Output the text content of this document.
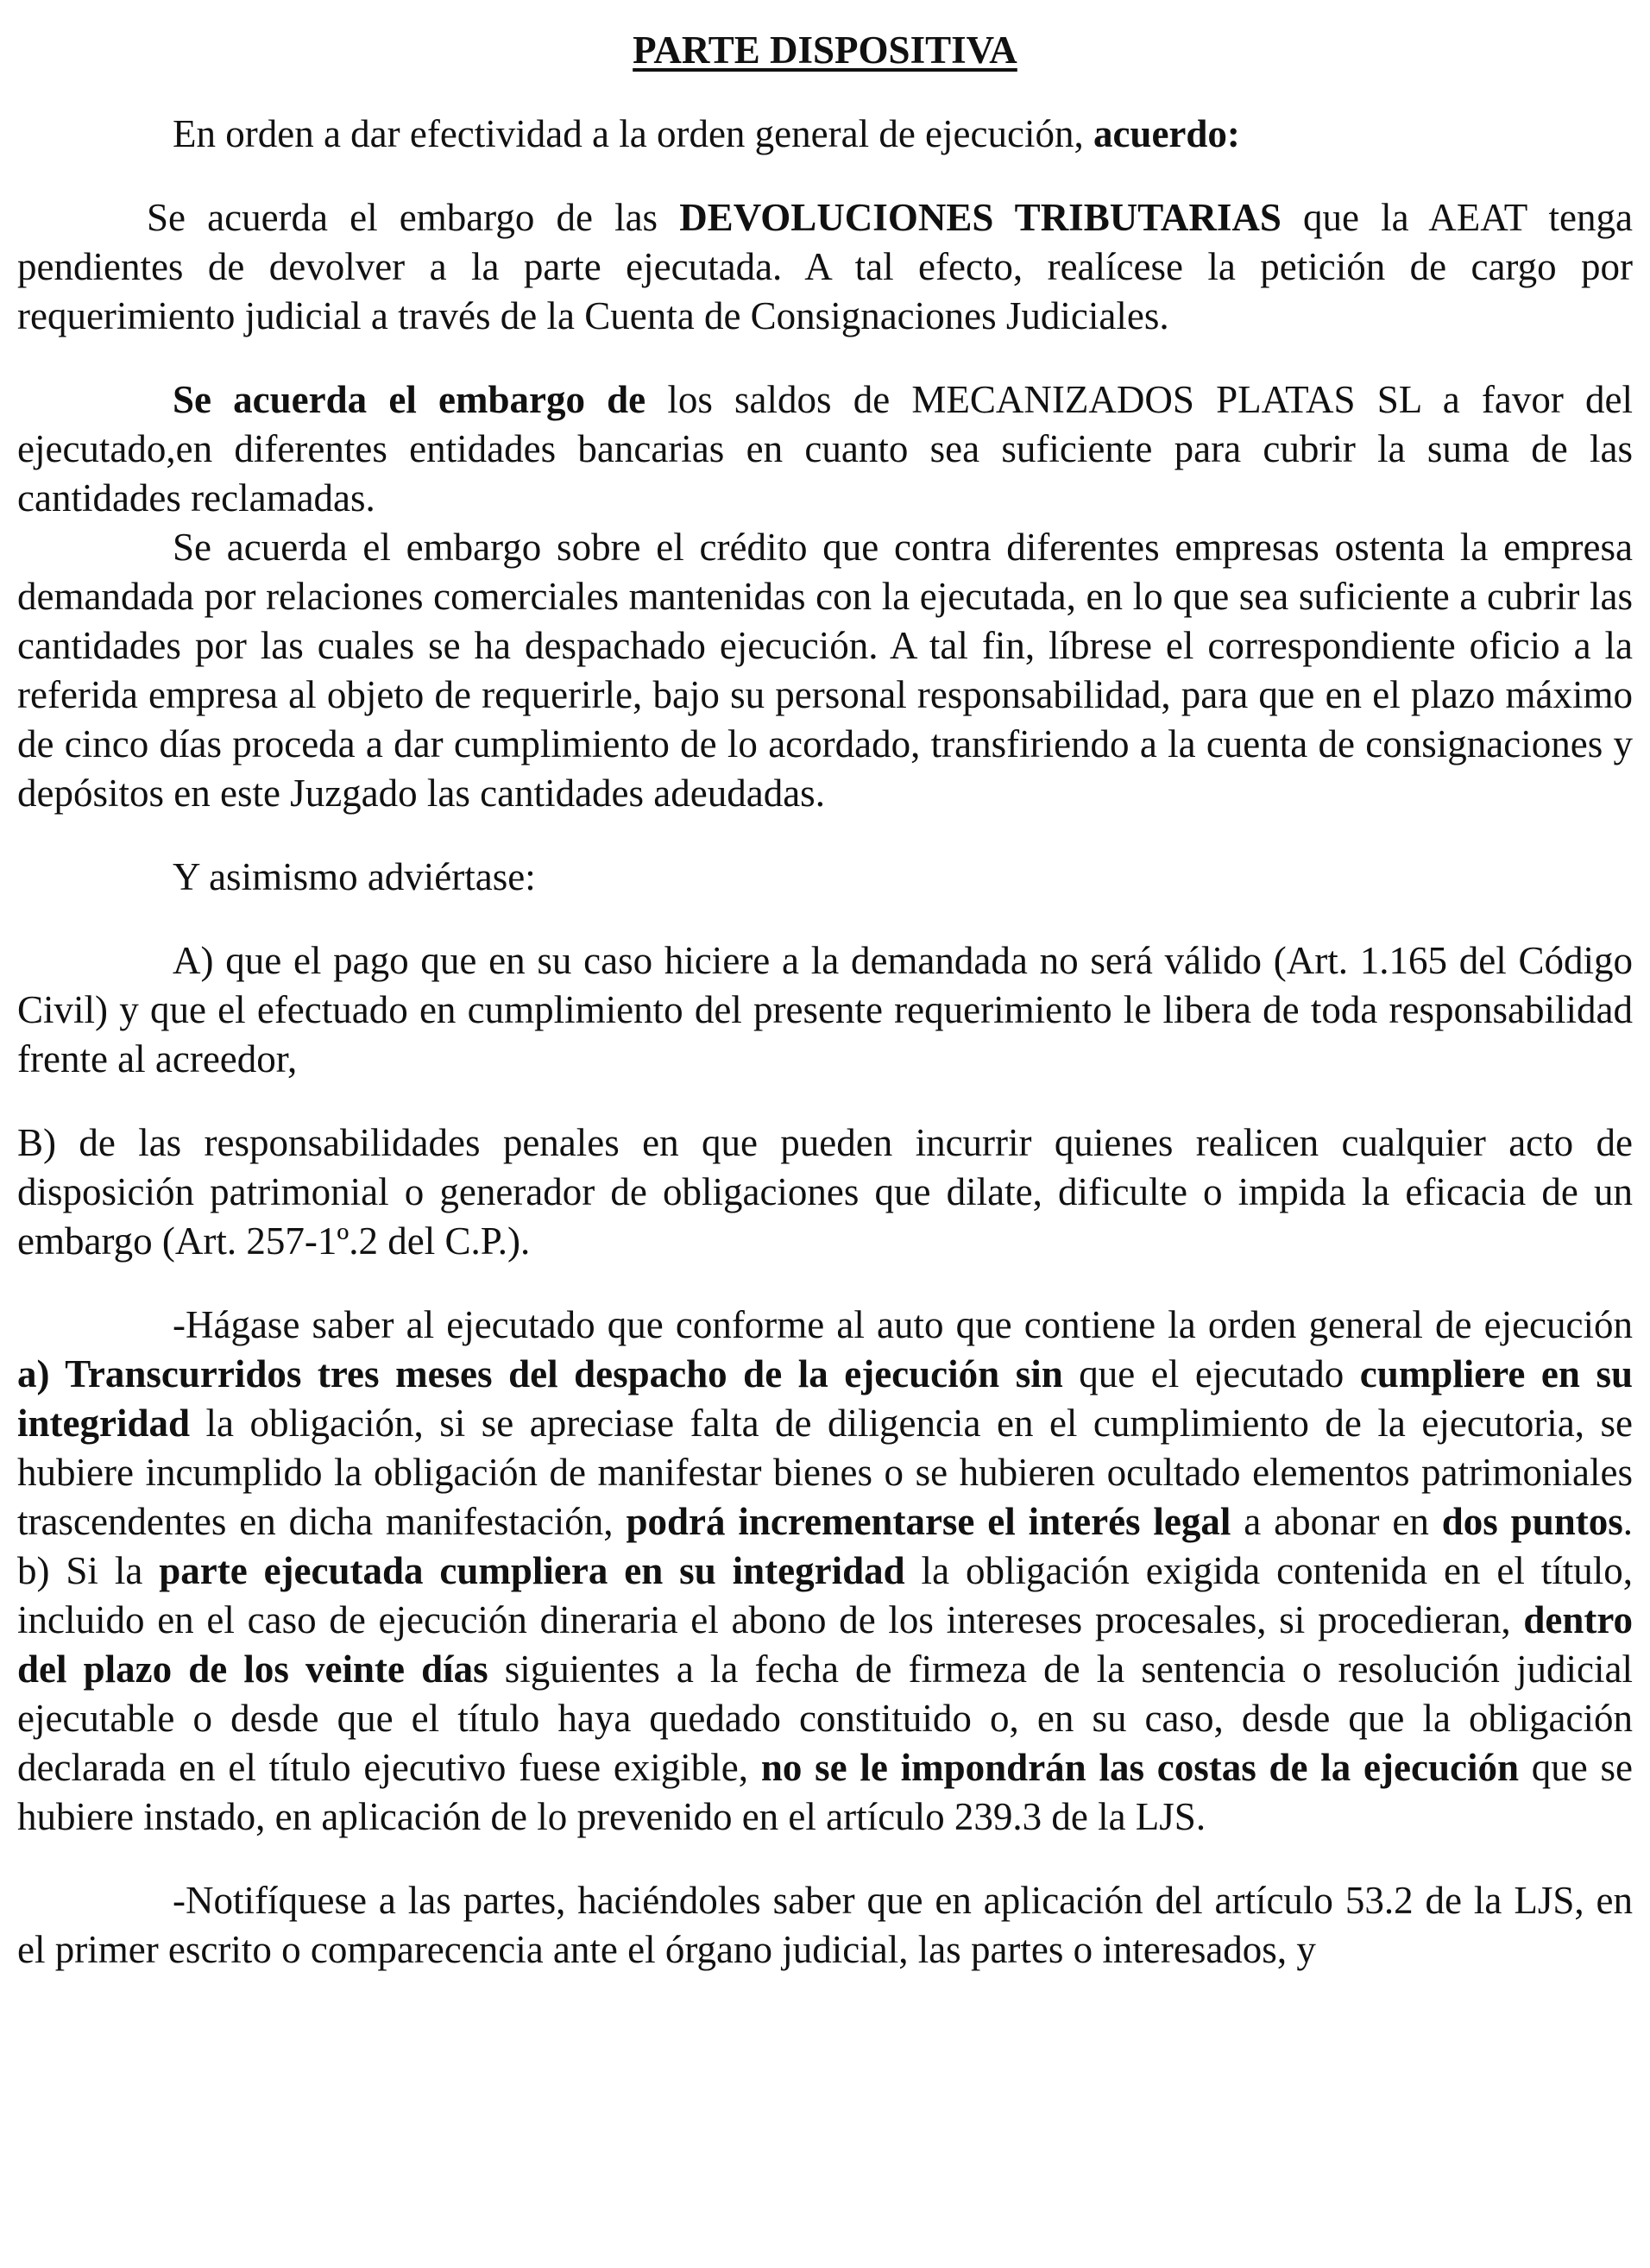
PARTE DISPOSITIVA

En orden a dar efectividad a la orden general de ejecución, acuerdo:

Se acuerda el embargo de las DEVOLUCIONES TRIBUTARIAS que la AEAT tenga pendientes de devolver a la parte ejecutada. A tal efecto, realícese la petición de cargo por requerimiento judicial a través de la Cuenta de Consignaciones Judiciales.

Se acuerda el embargo de los saldos de MECANIZADOS PLATAS SL a favor del ejecutado,en diferentes entidades bancarias en cuanto sea suficiente para cubrir la suma de las cantidades reclamadas.

Se acuerda el embargo sobre el crédito que contra diferentes empresas ostenta la empresa demandada por relaciones comerciales mantenidas con la ejecutada, en lo que sea suficiente a cubrir las cantidades por las cuales se ha despachado ejecución. A tal fin, líbrese el correspondiente oficio a la referida empresa al objeto de requerirle, bajo su personal responsabilidad, para que en el plazo máximo de cinco días proceda a dar cumplimiento de lo acordado, transfiriendo a la cuenta de consignaciones y depósitos en este Juzgado las cantidades adeudadas.

Y asimismo adviértase:

A) que el pago que en su caso hiciere a la demandada no será válido (Art. 1.165 del Código Civil) y que el efectuado en cumplimiento del presente requerimiento le libera de toda responsabilidad frente al acreedor,

B) de las responsabilidades penales en que pueden incurrir quienes realicen cualquier acto de disposición patrimonial o generador de obligaciones que dilate, dificulte o impida la eficacia de un embargo (Art. 257-1º.2 del C.P.).

-Hágase saber al ejecutado que conforme al auto que contiene la orden general de ejecución a) Transcurridos tres meses del despacho de la ejecución sin que el ejecutado cumpliere en su integridad la obligación, si se apreciase falta de diligencia en el cumplimiento de la ejecutoria, se hubiere incumplido la obligación de manifestar bienes o se hubieren ocultado elementos patrimoniales trascendentes en dicha manifestación, podrá incrementarse el interés legal a abonar en dos puntos. b) Si la parte ejecutada cumpliera en su integridad la obligación exigida contenida en el título, incluido en el caso de ejecución dineraria el abono de los intereses procesales, si procedieran, dentro del plazo de los veinte días siguientes a la fecha de firmeza de la sentencia o resolución judicial ejecutable o desde que el título haya quedado constituido o, en su caso, desde que la obligación declarada en el título ejecutivo fuese exigible, no se le impondrán las costas de la ejecución que se hubiere instado, en aplicación de lo prevenido en el artículo 239.3 de la LJS.

-Notifíquese a las partes, haciéndoles saber que en aplicación del artículo 53.2 de la LJS, en el primer escrito o comparecencia ante el órgano judicial, las partes o interesados, y
